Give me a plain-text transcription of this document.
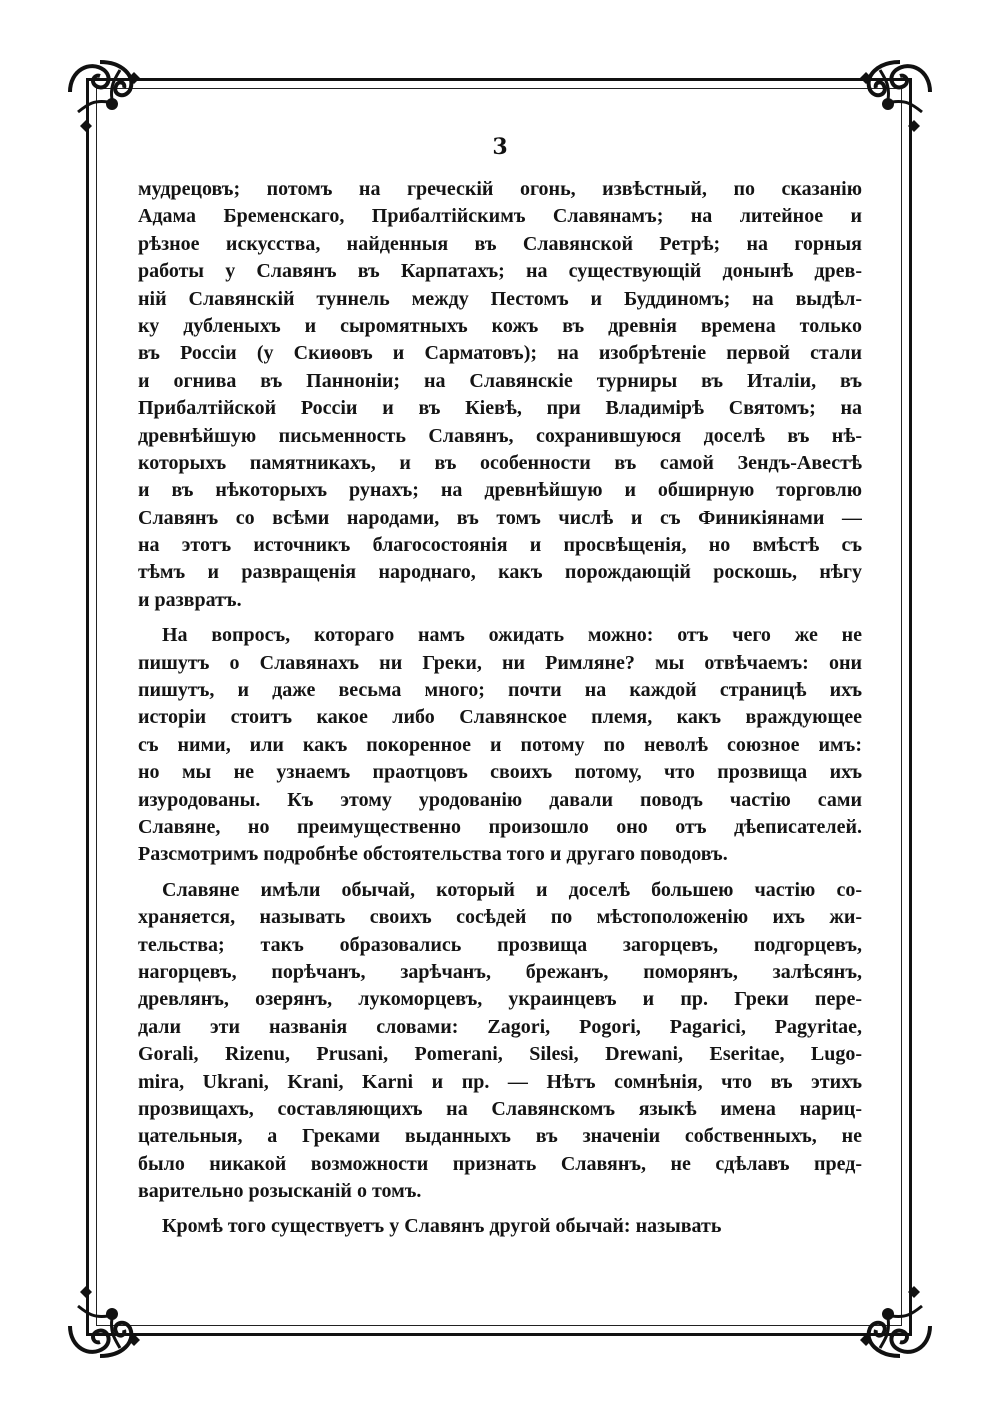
3
мудрецовъ; потомъ на греческій огонь, извѣстный, по сказанію
Адама Бременскаго, Прибалтійскимъ Славянамъ; на литейное и
рѣзное искусства, найденныя въ Славянской Ретрѣ; на горныя
работы у Славянъ въ Карпатахъ; на существующій донынѣ древ-
ній Славянскій туннель между Пестомъ и Буддиномъ; на выдѣл-
ку дубленыхъ и сыромятныхъ кожъ въ древнія времена только
въ Россіи (у Скиѳовъ и Сарматовъ); на изобрѣтеніе первой стали
и огнива въ Паннонiи; на Славянскіе турниры въ Италіи, въ
Прибалтійской Россіи и въ Кіевѣ, при Владимірѣ Святомъ; на
древнѣйшую письменность Славянъ, сохранившуюся доселѣ въ нѣ-
которыхъ памятникахъ, и въ особенности въ самой Зендъ-Авестѣ
и въ нѣкоторыхъ рунахъ; на древнѣйшую и обширную торговлю
Славянъ со всѣми народами, въ томъ числѣ и съ Финикіянами —
на этотъ источникъ благосостоянія и просвѣщенія, но вмѣстѣ съ
тѣмъ и развращенія народнаго, какъ порождающій роскошь, нѣгу
и развратъ.
На вопросъ, котораго намъ ожидать можно: отъ чего же не
пишутъ о Славянахъ ни Греки, ни Римляне? мы отвѣчаемъ: они
пишутъ, и даже весьма много; почти на каждой страницѣ ихъ
исторіи стоитъ какое либо Славянское племя, какъ враждующее
съ ними, или какъ покоренное и потому по неволѣ союзное имъ:
но мы не узнаемъ праотцовъ своихъ потому, что прозвища ихъ
изуродованы. Къ этому уродованію давали поводъ частію сами
Славяне, но преимущественно произошло оно отъ дѣеписателей.
Разсмотримъ подробнѣе обстоятельства того и другаго поводовъ.
Славяне имѣли обычай, который и доселѣ большею частію со-
храняется, называть своихъ сосѣдей по мѣстоположенію ихъ жи-
тельства; такъ образовались прозвища загорцевъ, подгорцевъ,
нагорцевъ, порѣчанъ, зарѣчанъ, брежанъ, поморянъ, залѣсянъ,
древлянъ, озерянъ, лукоморцевъ, украинцевъ и пр. Греки пере-
дали эти названія словами: Zagori, Pogori, Pagarici, Pagyritae,
Gorali, Rizenu, Prusani, Pomerani, Silesi, Drewani, Eseritae, Lugo-
mira, Ukrani, Krani, Karni и пр. — Нѣтъ сомнѣнія, что въ этихъ
прозвищахъ, составляющихъ на Славянскомъ языкѣ имена нариц-
цательныя, а Греками выданныхъ въ значеніи собственныхъ, не
было никакой возможности признать Славянъ, не сдѣлавъ пред-
варительно розысканій о томъ.
Кромѣ того существуетъ у Славянъ другой обычай: называть
